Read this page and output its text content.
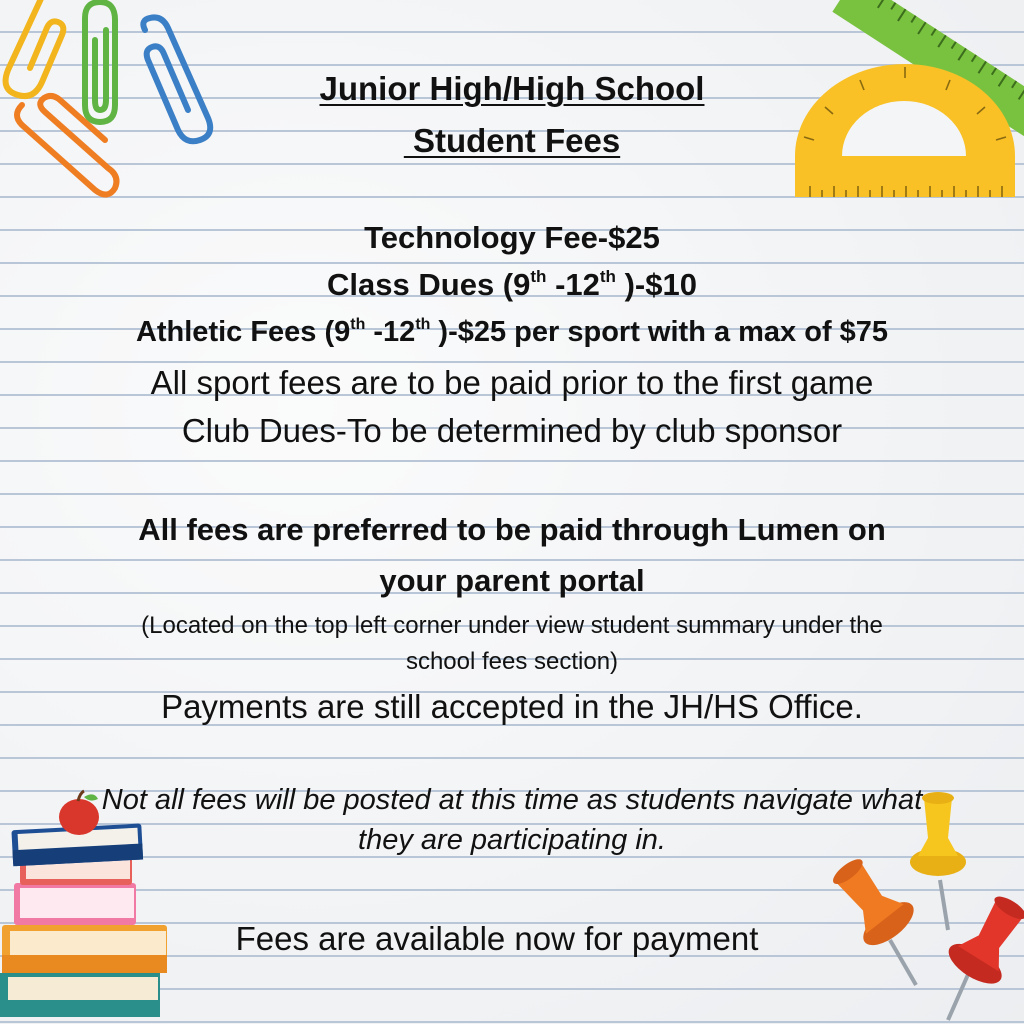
Junior High/High School
Student Fees
Technology Fee-$25
Class Dues (9th -12th )-$10
Athletic Fees (9th -12th )-$25 per sport with a max of $75
All sport fees are to be paid prior to the first game
Club Dues-To be determined by club sponsor
All fees are preferred to be paid through Lumen on
your parent portal
(Located on the top left corner under view student summary under the
school fees section)
Payments are still accepted in the JH/HS Office.
Not all fees will be posted at this time as students navigate what
they are participating in.
Fees are available now for payment
